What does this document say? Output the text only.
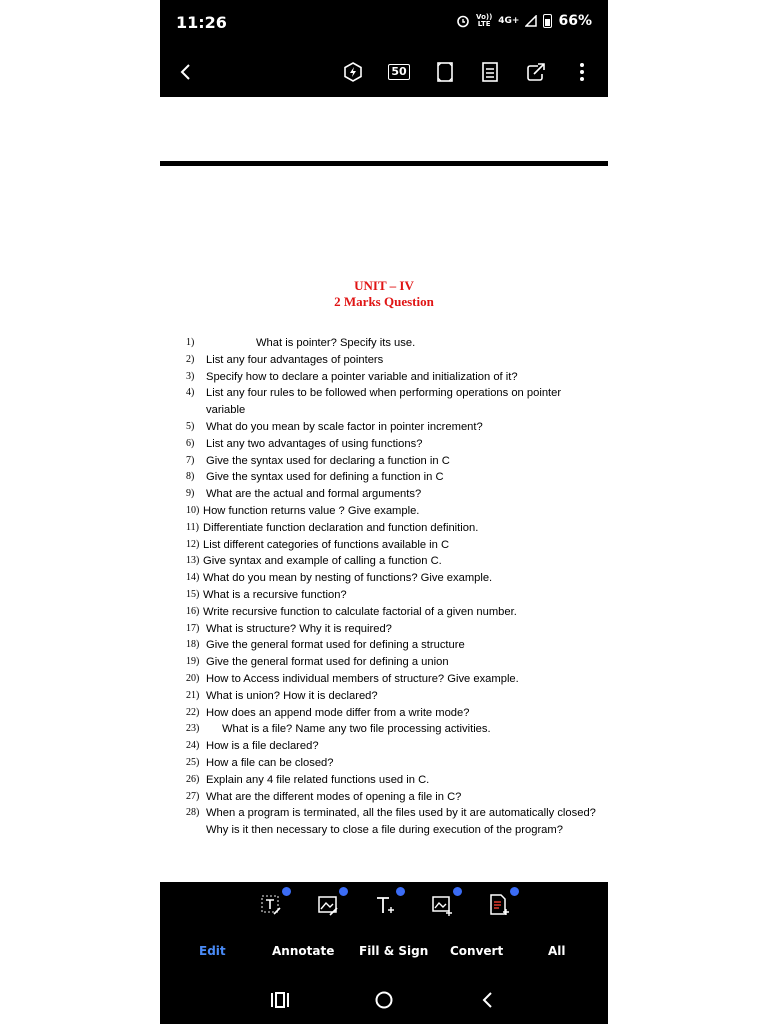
11:26	Vo))
LTE 4G+	66%
50
UNIT – IV
2 Marks Question
1)	What is pointer? Specify its use.
2)	List any four advantages of pointers
3)	Specify how to declare a pointer variable and initialization of it?
4)	List any four rules to be followed when performing operations on pointer variable
5)	What do you mean by scale factor in pointer increment?
6)	List any two advantages of using functions?
7)	Give the syntax used for declaring a function in C
8)	Give the syntax used for defining a function in C
9)	What are the actual and formal arguments?
10) How function returns value ? Give example.
11) Differentiate function declaration and function definition.
12) List different categories of functions available in C
13) Give syntax and example of calling a function C.
14) What do you mean by nesting of functions? Give example.
15) What is a recursive function?
16) Write recursive function to calculate factorial of a given number.
17) What is structure? Why it is required?
18) Give the general format used for defining a structure
19) Give the general format used for defining a union
20) How to Access individual members of structure? Give example.
21) What is union? How it is declared?
22) How does an append mode differ from a write mode?
23)	What is a file? Name any two file processing activities.
24) How is a file declared?
25) How a file can be closed?
26) Explain any 4 file related functions used in C.
27) What are the different modes of opening a file in C?
28) When a program is terminated, all the files used by it are automatically closed? Why is it then necessary to close a file during execution of the program?
Edit	Annotate Fill & Sign Convert	All
